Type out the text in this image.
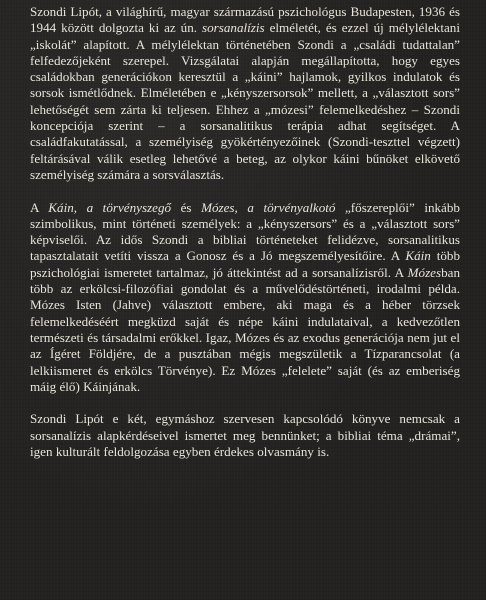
Szondi Lipót, a világhírű, magyar származású pszichológus Budapesten, 1936 és 1944 között dolgozta ki az ún. sorsanalízis elméletét, és ezzel új mélylélektani „iskolát” alapított. A mélylélektan történetében Szondi a „családi tudattalan” felfedezőjeként szerepel. Vizsgálatai alapján megállapította, hogy egyes családokban generációkon keresztül a „káini” hajlamok, gyilkos indulatok és sorsok ismétlődnek. Elméletében e „kényszersorsok” mellett, a „választott sors” lehetőségét sem zárta ki teljesen. Ehhez a „mózesi” felemelkedéshez – Szondi koncepciója szerint – a sorsanalitikus terápia adhat segítséget. A családfakutatással, a személyiség gyökértényezőinek (Szondi-teszttel végzett) feltárásával válik esetleg lehetővé a beteg, az olykor káini bűnöket elkövető személyiség számára a sorsválasztás.

A Káin, a törvényszegő és Mózes, a törvényalkotó „főszereplői” inkább szimbolikus, mint történeti személyek: a „kényszersors” és a „választott sors” képviselői. Az idős Szondi a bibliai történeteket felidézve, sorsanalitikus tapasztalatait vetíti vissza a Gonosz és a Jó megszemélyesítőire. A Káin több pszichológiai ismeretet tartalmaz, jó áttekintést ad a sorsanalízisről. A Mózesban több az erkölcsi-filozófiai gondolat és a művelődéstörténeti, irodalmi példa. Mózes Isten (Jahve) választott embere, aki maga és a héber törzsek felemelkedéséért megküzd saját és népe káini indulataival, a kedvezőtlen természeti és társadalmi erőkkel. Igaz, Mózes és az exodus generációja nem jut el az Ígéret Földjére, de a pusztában mégis megszületik a Tízparancsolat (a lelkiismeret és erkölcs Törvénye). Ez Mózes „felelete” saját (és az emberiség máig élő) Káinjának.

Szondi Lipót e két, egymáshoz szervesen kapcsolódó könyve nemcsak a sorsanalízis alapkérdéseivel ismertet meg bennünket; a bibliai téma „drámai”, igen kulturált feldolgozása egyben érdekes olvasmány is.
